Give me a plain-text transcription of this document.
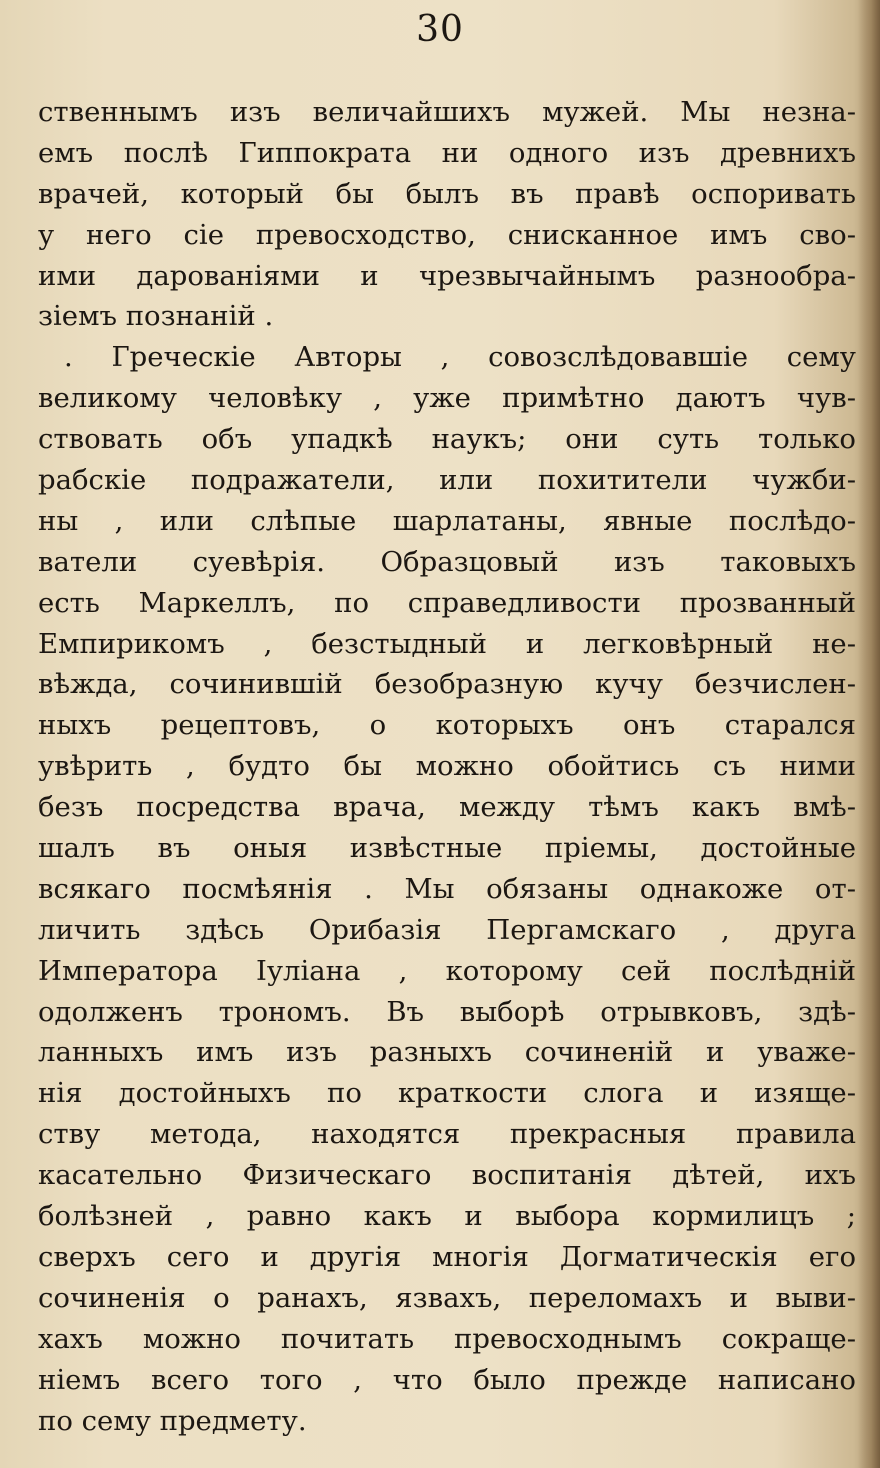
30
ственнымъ изъ величайшихъ мужей. Мы незна-
емъ послѣ Гиппократа ни одного изъ древнихъ
врачей, который бы былъ въ правѣ оспоривать
у него сіе превосходство, снисканное имъ сво-
ими дарованіями и чрезвычайнымъ разнообра-
зіемъ познаній .
. Греческіе Авторы , совозслѣдовавшіе сему
великому человѣку , уже примѣтно даютъ чув-
ствовать объ упадкѣ наукъ; они суть только
рабскіе подражатели, или похитители чужби-
ны , или слѣпые шарлатаны, явные послѣдо-
ватели суевѣрія. Образцовый изъ таковыхъ
есть Маркеллъ, по справедливости прозванный
Емпирикомъ , безстыдный и легковѣрный не-
вѣжда, сочинившій безобразную кучу безчислен-
ныхъ рецептовъ, о которыхъ онъ старался
увѣрить , будто бы можно обойтись съ ними
безъ посредства врача, между тѣмъ какъ вмѣ-
шалъ въ оныя извѣстные пріемы, достойные
всякаго посмѣянія . Мы обязаны однакоже от-
личить здѣсь Орибазія Пергамскаго , друга
Императора Іуліана , которому сей послѣдній
одолженъ трономъ. Въ выборѣ отрывковъ, здѣ-
ланныхъ имъ изъ разныхъ сочиненій и уваже-
нія достойныхъ по краткости слога и изяще-
ству метода, находятся прекрасныя правила
касательно Физическаго воспитанія дѣтей, ихъ
болѣзней , равно какъ и выбора кормилицъ ;
сверхъ сего и другія многія Догматическія его
сочиненія о ранахъ, язвахъ, переломахъ и выви-
хахъ можно почитать превосходнымъ сокраще-
ніемъ всего того , что было прежде написано
по сему предмету.
